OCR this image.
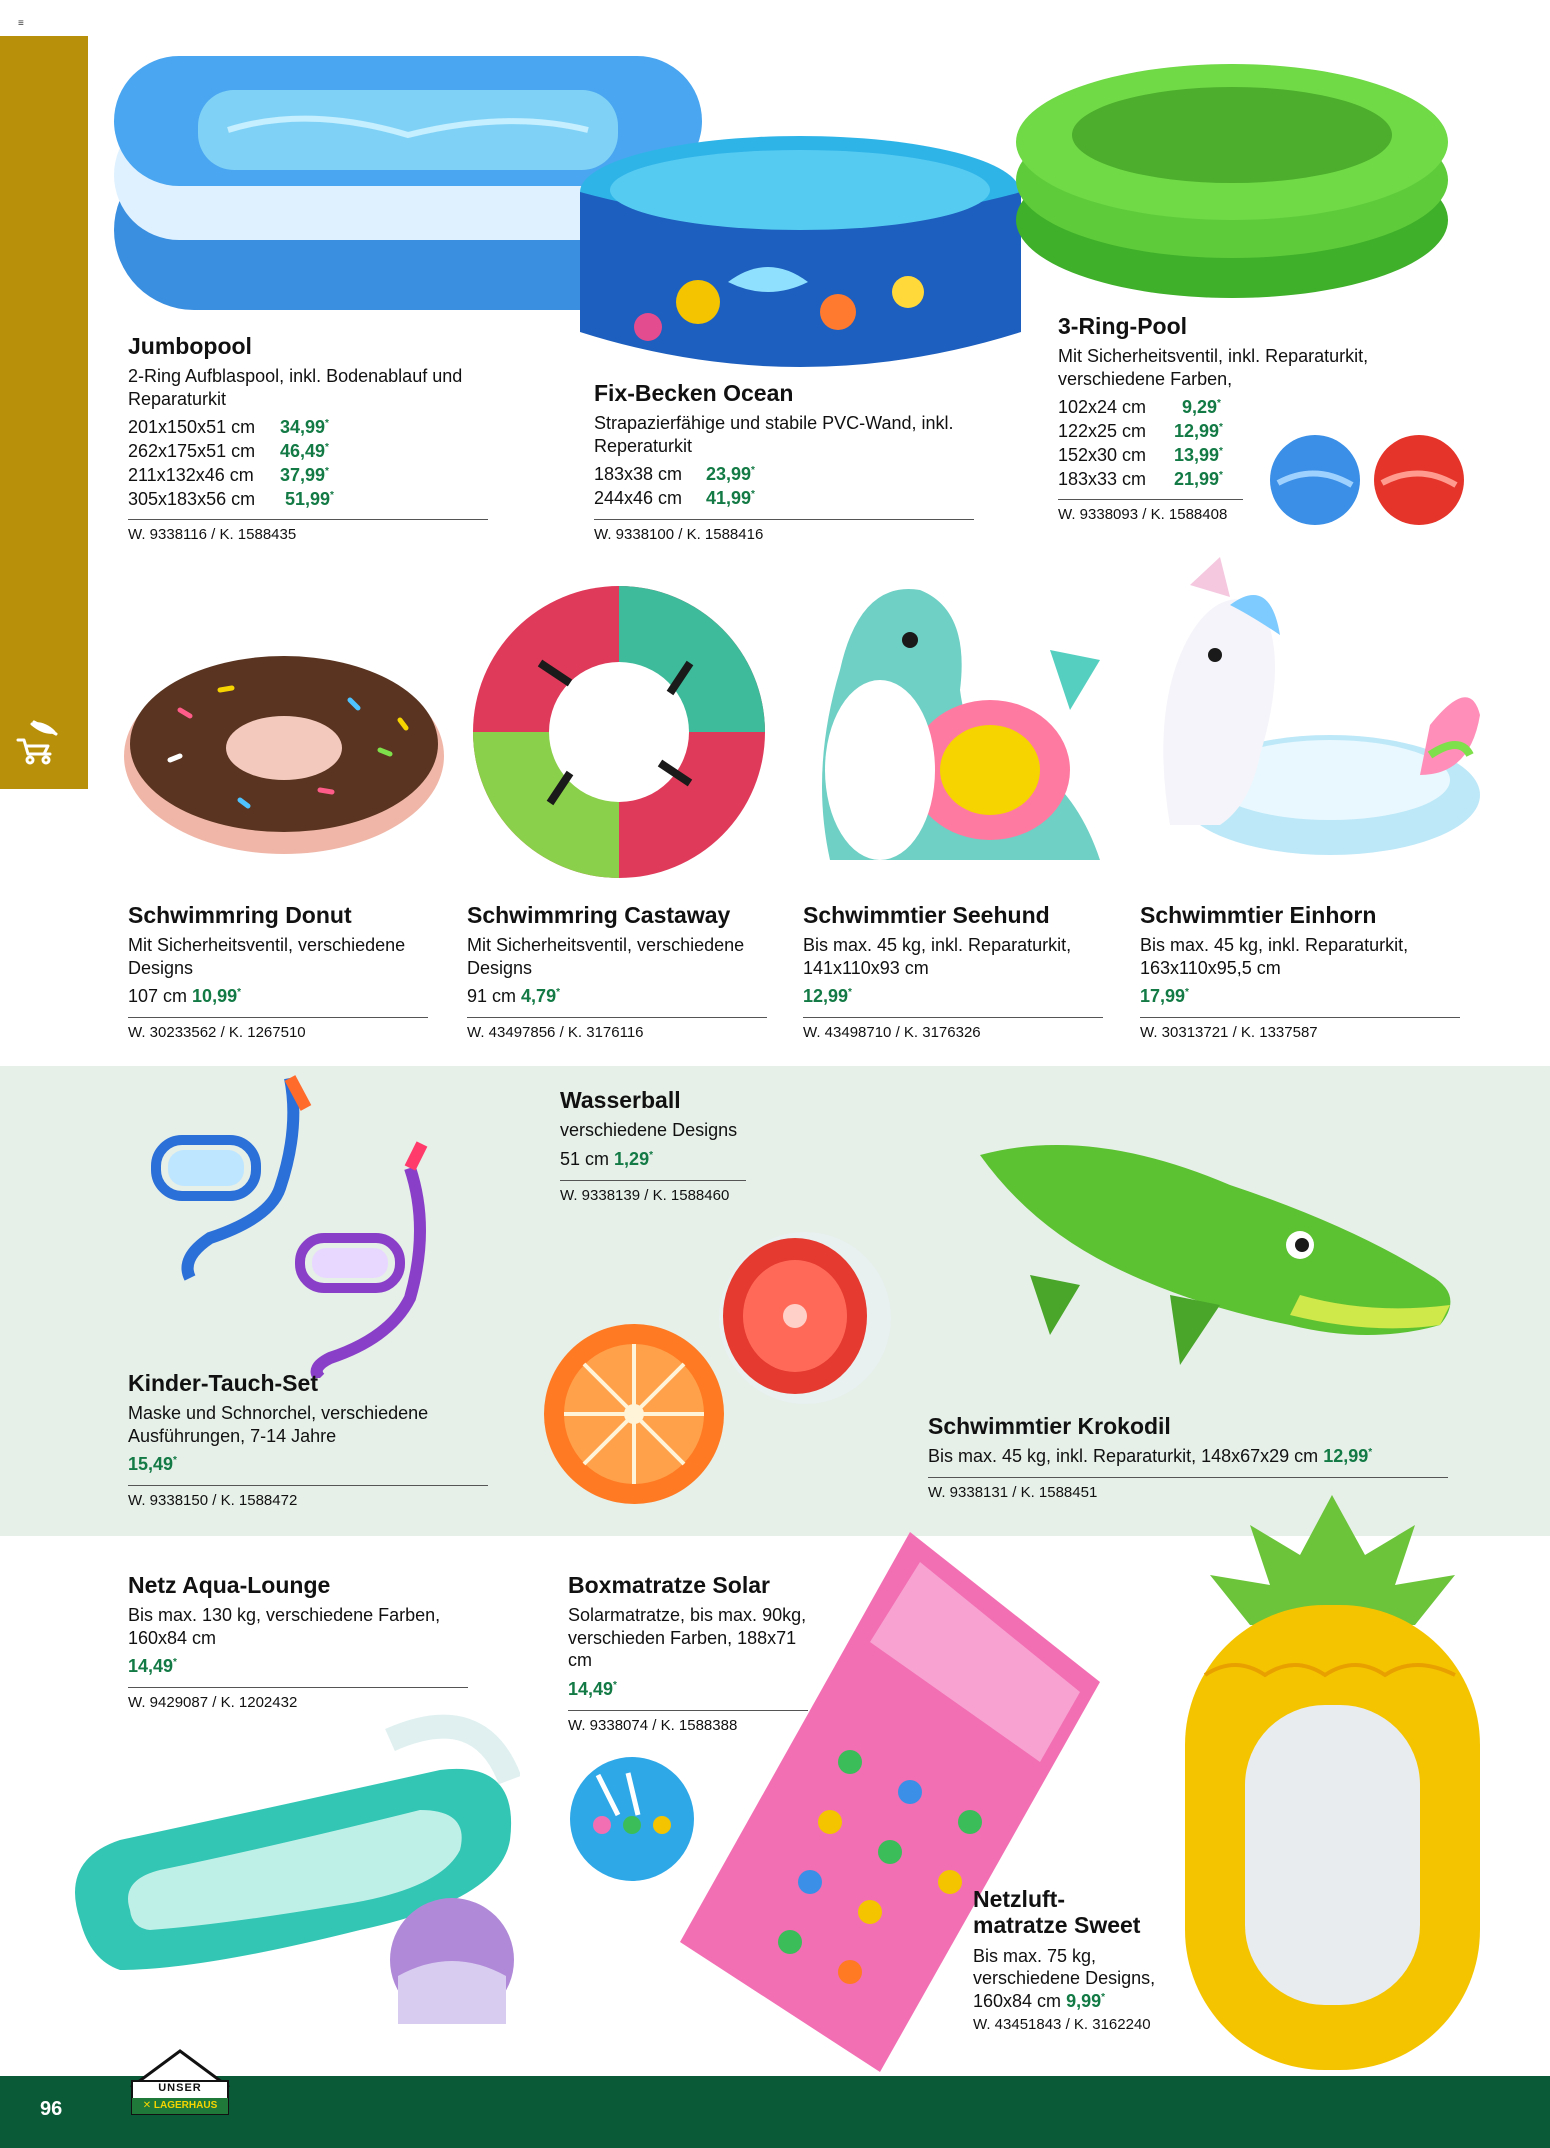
≡
96
UNSER
✕ LAGERHAUS
Jumbopool
2-Ring Aufblaspool, inkl. Bodenablauf und Reparaturkit
201x150x51 cm 34,99*
262x175x51 cm 46,49*
211x132x46 cm 37,99*
305x183x56 cm 51,99*
W. 9338116 / K. 1588435
Fix-Becken Ocean
Strapazierfähige und stabile PVC-Wand, inkl. Reperaturkit
183x38 cm 23,99*
244x46 cm 41,99*
W. 9338100 / K. 1588416
3-Ring-Pool
Mit Sicherheitsventil, inkl. Reparaturkit, verschiedene Farben,
102x24 cm 9,29*
122x25 cm 12,99*
152x30 cm 13,99*
183x33 cm 21,99*
W. 9338093 / K. 1588408
Schwimmring Donut
Mit Sicherheitsventil, verschiedene Designs
107 cm 10,99*
W. 30233562 / K. 1267510
Schwimmring Castaway
Mit Sicherheitsventil, verschiedene Designs
91 cm 4,79*
W. 43497856 / K. 3176116
Schwimmtier Seehund
Bis max. 45 kg, inkl. Reparaturkit, 141x110x93 cm
12,99*
W. 43498710 / K. 3176326
Schwimmtier Einhorn
Bis max. 45 kg, inkl. Reparaturkit, 163x110x95,5 cm
17,99*
W. 30313721 / K. 1337587
Wasserball
verschiedene Designs
51 cm 1,29*
W. 9338139 / K. 1588460
Kinder-Tauch-Set
Maske und Schnorchel, verschiedene Ausführungen, 7-14 Jahre
15,49*
W. 9338150 / K. 1588472
Schwimmtier Krokodil
Bis max. 45 kg, inkl. Reparaturkit, 148x67x29 cm 12,99*
W. 9338131 / K. 1588451
Netz Aqua-Lounge
Bis max. 130 kg, verschiedene Farben, 160x84 cm
14,49*
W. 9429087 / K. 1202432
Boxmatratze Solar
Solarmatratze, bis max. 90kg, verschieden Farben, 188x71 cm
14,49*
W. 9338074 / K. 1588388
Netzluft-
matratze Sweet
Bis max. 75 kg, verschiedene Designs,
160x84 cm 9,99*
W. 43451843 / K. 3162240
